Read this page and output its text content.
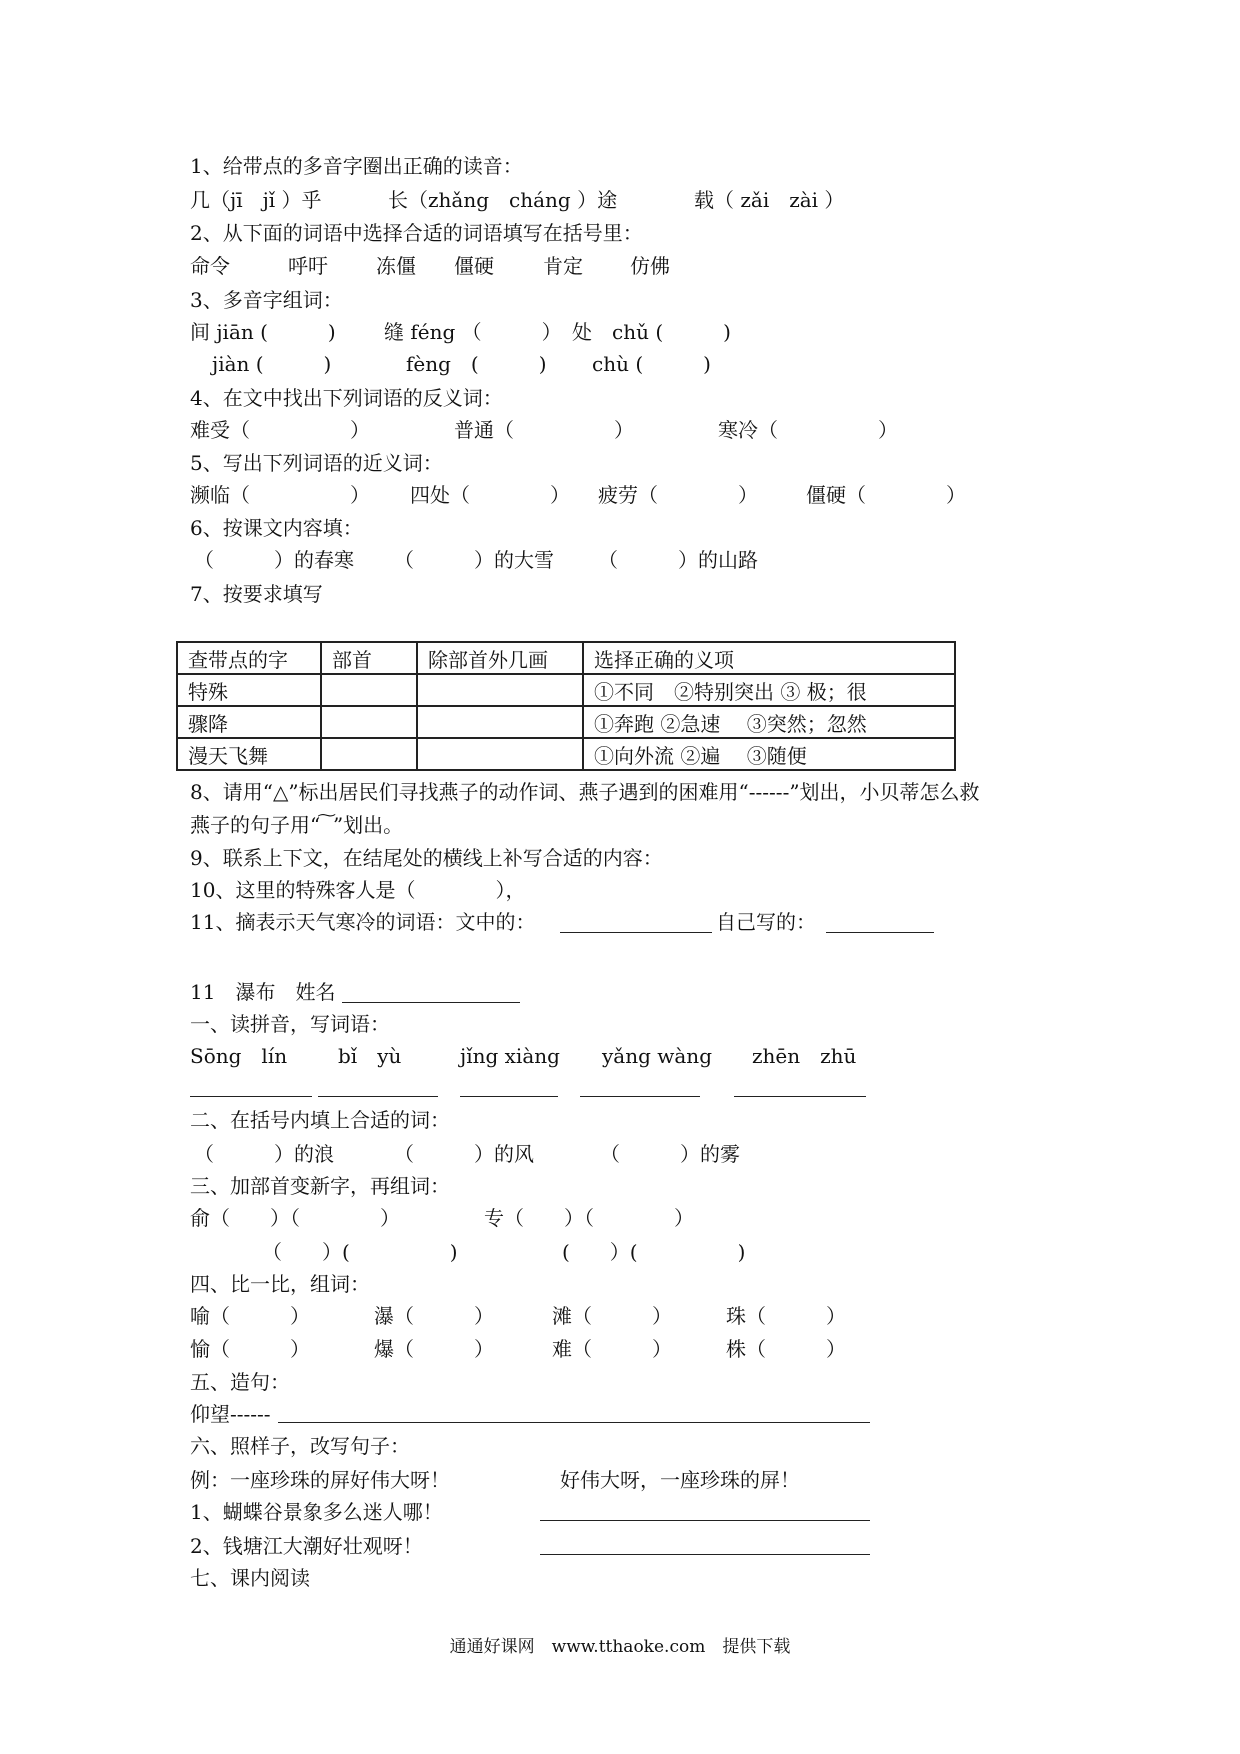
1、给带点的多音字圈出正确的读音：
几（jī　jǐ ）乎	长（zhǎng　cháng ）途	载（ zǎi　zài ）
2、从下面的词语中选择合适的词语填写在括号里：
命令	呼吁 冻僵 僵硬 肯定 仿佛
3、多音字组词：
间 jiān (　　　) 缝 féng （　　　） 处　chǔ (　　　)
jiàn (　　　)	fèng　(　　　) chù (　　　)
4、在文中找出下列词语的反义词：
难受（　　　　　）	普通（　　　　　）	寒冷（　　　　　）
5、写出下列词语的近义词：
濒临（　　　　　） 四处（　　　　） 疲劳（　　　　） 僵硬（　　　　）
6、按课文内容填：
（　　　）的春寒 （　　　）的大雪 （　　　）的山路
7、按要求填写
查带点的字	部首	除部首外几画	选择正确的义项
特殊			①不同　②特别突出 ③ 极；很
骤降			①奔跑 ②急速　 ③突然；忽然
漫天飞舞			①向外流 ②遍　 ③随便
8、请用“△”标出居民们寻找燕子的动作词、燕子遇到的困难用“------”划出，小贝蒂怎么救
燕子的句子用“ ͠ ”划出。
9、联系上下文，在结尾处的横线上补写合适的内容：
10、这里的特殊客人是（　　　　），
11、摘表示天气寒冷的词语：文中的：	自己写的：
11　瀑布　姓名
一、读拼音，写词语：
Sōng　lín	bǐ　yù	jǐng xiàng yǎng wàng zhēn　zhū
二、在括号内填上合适的词：
（　　　）的浪	（　　　）的风	（　　　）的雾
三、加部首变新字，再组词：
俞（　　）（　　　　）	专（　　）（　　　　）
（　　）(　　　　　)	(　　）(　　　　　)
四、比一比，组词：
喻（　　　）	瀑（　　　）	滩（　　　）	珠（　　　）
愉（　　　）	爆（　　　）	难（　　　）	株（　　　）
五、造句：
仰望------
六、照样子，改写句子：
例：一座珍珠的屏好伟大呀！	好伟大呀，一座珍珠的屏！
1、蝴蝶谷景象多么迷人哪！
2、钱塘江大潮好壮观呀！
七、课内阅读
通通好课网　www.tthaoke.com　提供下载
